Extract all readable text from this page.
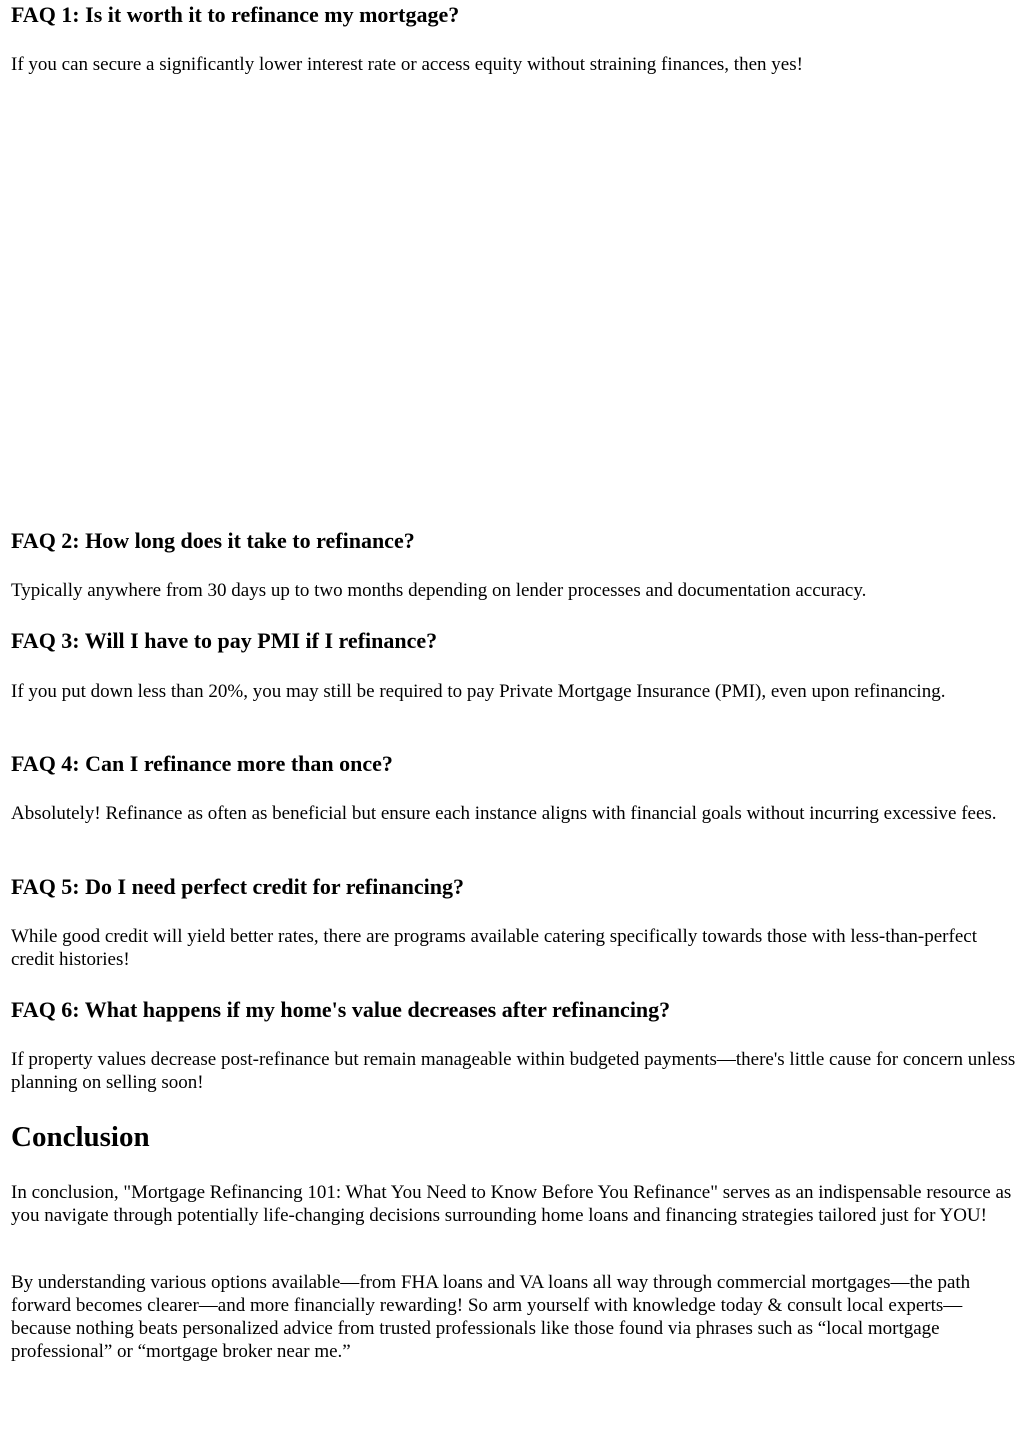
FAQ 1: Is it worth it to refinance my mortgage?

If you can secure a significantly lower interest rate or access equity without straining finances, then yes!

FAQ 2: How long does it take to refinance?

Typically anywhere from 30 days up to two months depending on lender processes and documentation accuracy.

FAQ 3: Will I have to pay PMI if I refinance?

If you put down less than 20%, you may still be required to pay Private Mortgage Insurance (PMI), even upon refinancing.

FAQ 4: Can I refinance more than once?

Absolutely! Refinance as often as beneficial but ensure each instance aligns with financial goals without incurring excessive fees.

FAQ 5: Do I need perfect credit for refinancing?

While good credit will yield better rates, there are programs available catering specifically towards those with less-than-perfect credit histories!

FAQ 6: What happens if my home's value decreases after refinancing?

If property values decrease post-refinance but remain manageable within budgeted payments—there's little cause for concern unless planning on selling soon!

Conclusion

In conclusion, "Mortgage Refinancing 101: What You Need to Know Before You Refinance" serves as an indispensable resource as you navigate through potentially life-changing decisions surrounding home loans and financing strategies tailored just for YOU!

By understanding various options available—from FHA loans and VA loans all way through commercial mortgages—the path forward becomes clearer—and more financially rewarding! So arm yourself with knowledge today & consult local experts—because nothing beats personalized advice from trusted professionals like those found via phrases such as “local mortgage professional” or “mortgage broker near me.”
